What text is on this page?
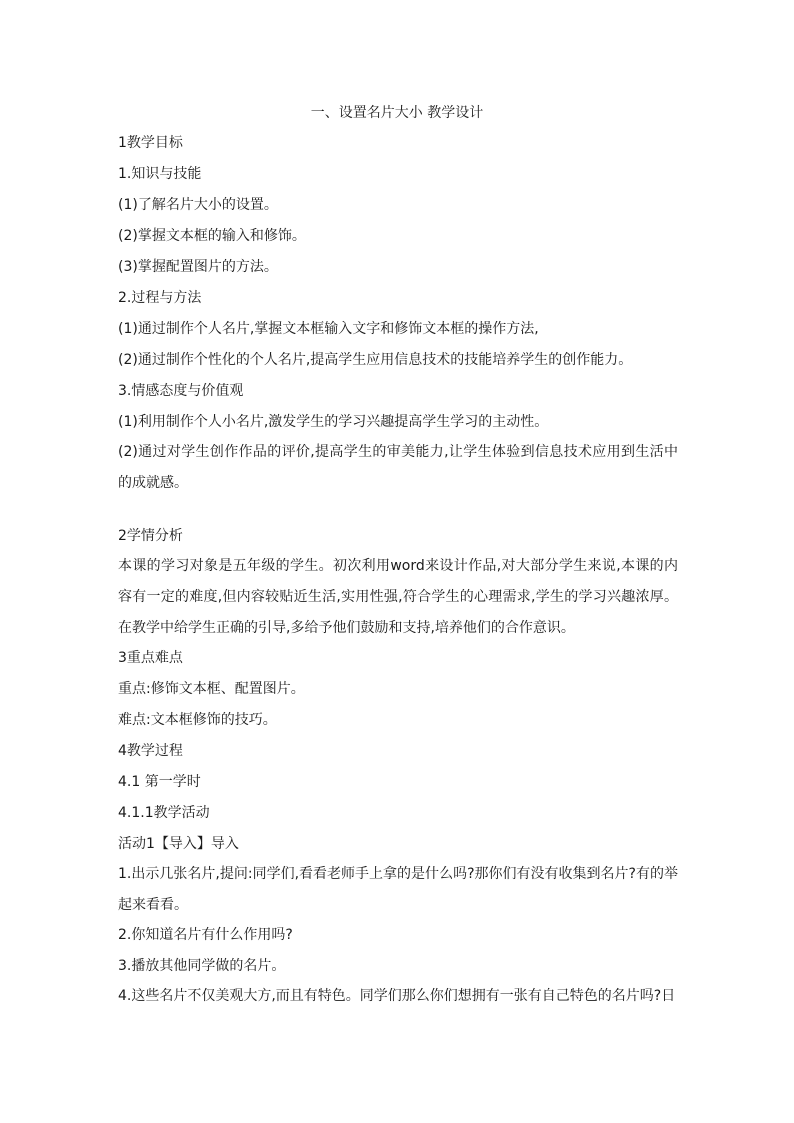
一、设置名片大小 教学设计
1教学目标
1.知识与技能
(1)了解名片大小的设置。
(2)掌握文本框的输入和修饰。
(3)掌握配置图片的方法。
2.过程与方法
(1)通过制作个人名片,掌握文本框输入文字和修饰文本框的操作方法,
(2)通过制作个性化的个人名片,提高学生应用信息技术的技能培养学生的创作能力。
3.情感态度与价值观
(1)利用制作个人小名片,激发学生的学习兴趣提高学生学习的主动性。
(2)通过对学生创作作品的评价,提高学生的审美能力,让学生体验到信息技术应用到生活中的成就感。
2学情分析
本课的学习对象是五年级的学生。初次利用word来设计作品,对大部分学生来说,本课的内容有一定的难度,但内容较贴近生活,实用性强,符合学生的心理需求,学生的学习兴趣浓厚。在教学中给学生正确的引导,多给予他们鼓励和支持,培养他们的合作意识。
3重点难点
重点:修饰文本框、配置图片。
难点:文本框修饰的技巧。
4教学过程
4.1 第一学时
4.1.1教学活动
活动1【导入】导入
1.出示几张名片,提问:同学们,看看老师手上拿的是什么吗?那你们有没有收集到名片?有的举起来看看。
2.你知道名片有什么作用吗?
3.播放其他同学做的名片。
4.这些名片不仅美观大方,而且有特色。同学们那么你们想拥有一张有自己特色的名片吗?日
